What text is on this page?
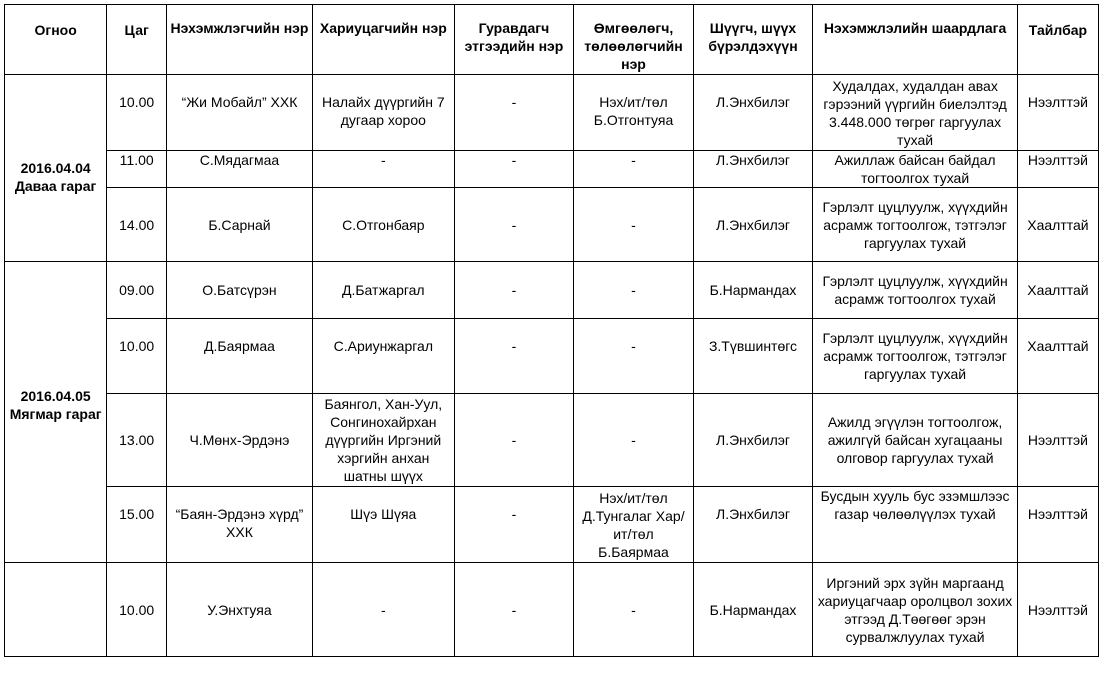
Огноо	Цаг	Нэхэмжлэгчийн нэр	Хариуцагчийн нэр	Гуравдагч этгээдийн нэр	Өмгөөлөгч, төлөөлөгчийн нэр	Шүүгч, шүүх бүрэлдэхүүн	Нэхэмжлэлийн шаардлага	Тайлбар
2016.04.04 Даваа гараг	10.00	“Жи Мобайл” ХХК	Налайх дүүргийн 7 дугаар хороо	-	Нэх/ит/төл Б.Отгонтуяа	Л.Энхбилэг	Худалдах, худалдан авах гэрээний үүргийн биелэлтэд 3.448.000 төгрөг гаргуулах тухай	Нээлттэй
	11.00	С.Мядагмаа	-	-	-	Л.Энхбилэг	Ажиллаж байсан байдал тогтоолгох тухай	Нээлттэй
	14.00	Б.Сарнай	С.Отгонбаяр	-	-	Л.Энхбилэг	Гэрлэлт цуцлуулж, хүүхдийн асрамж тогтоолгож, тэтгэлэг гаргуулах тухай	Хаалттай
2016.04.05 Мягмар гараг	09.00	О.Батсүрэн	Д.Батжаргал	-	-	Б.Нармандах	Гэрлэлт цуцлуулж, хүүхдийн асрамж тогтоолгох тухай	Хаалттай
	10.00	Д.Баярмаа	С.Ариунжаргал	-	-	З.Түвшинтөгс	Гэрлэлт цуцлуулж, хүүхдийн асрамж тогтоолгож, тэтгэлэг гаргуулах тухай	Хаалттай
	13.00	Ч.Мөнх-Эрдэнэ	Баянгол, Хан-Уул, Сонгинохайрхан дүүргийн Иргэний хэргийн анхан шатны шүүх	-	-	Л.Энхбилэг	Ажилд эгүүлэн тогтоолгож, ажилгүй байсан хугацааны олговор гаргуулах тухай	Нээлттэй
	15.00	“Баян-Эрдэнэ хүрд” ХХК	Шүэ Шүяа	-	Нэх/ит/төл Д.Тунгалаг Хар/ит/төл Б.Баярмаа	Л.Энхбилэг	Бусдын хууль бус эзэмшлээс газар чөлөөлүүлэх тухай	Нээлттэй
	10.00	У.Энхтуяа	-	-	-	Б.Нармандах	Иргэний эрх зүйн маргаанд хариуцагчаар оролцвол зохих этгээд Д.Төөгөөг эрэн сурвалжлуулах тухай	Нээлттэй
